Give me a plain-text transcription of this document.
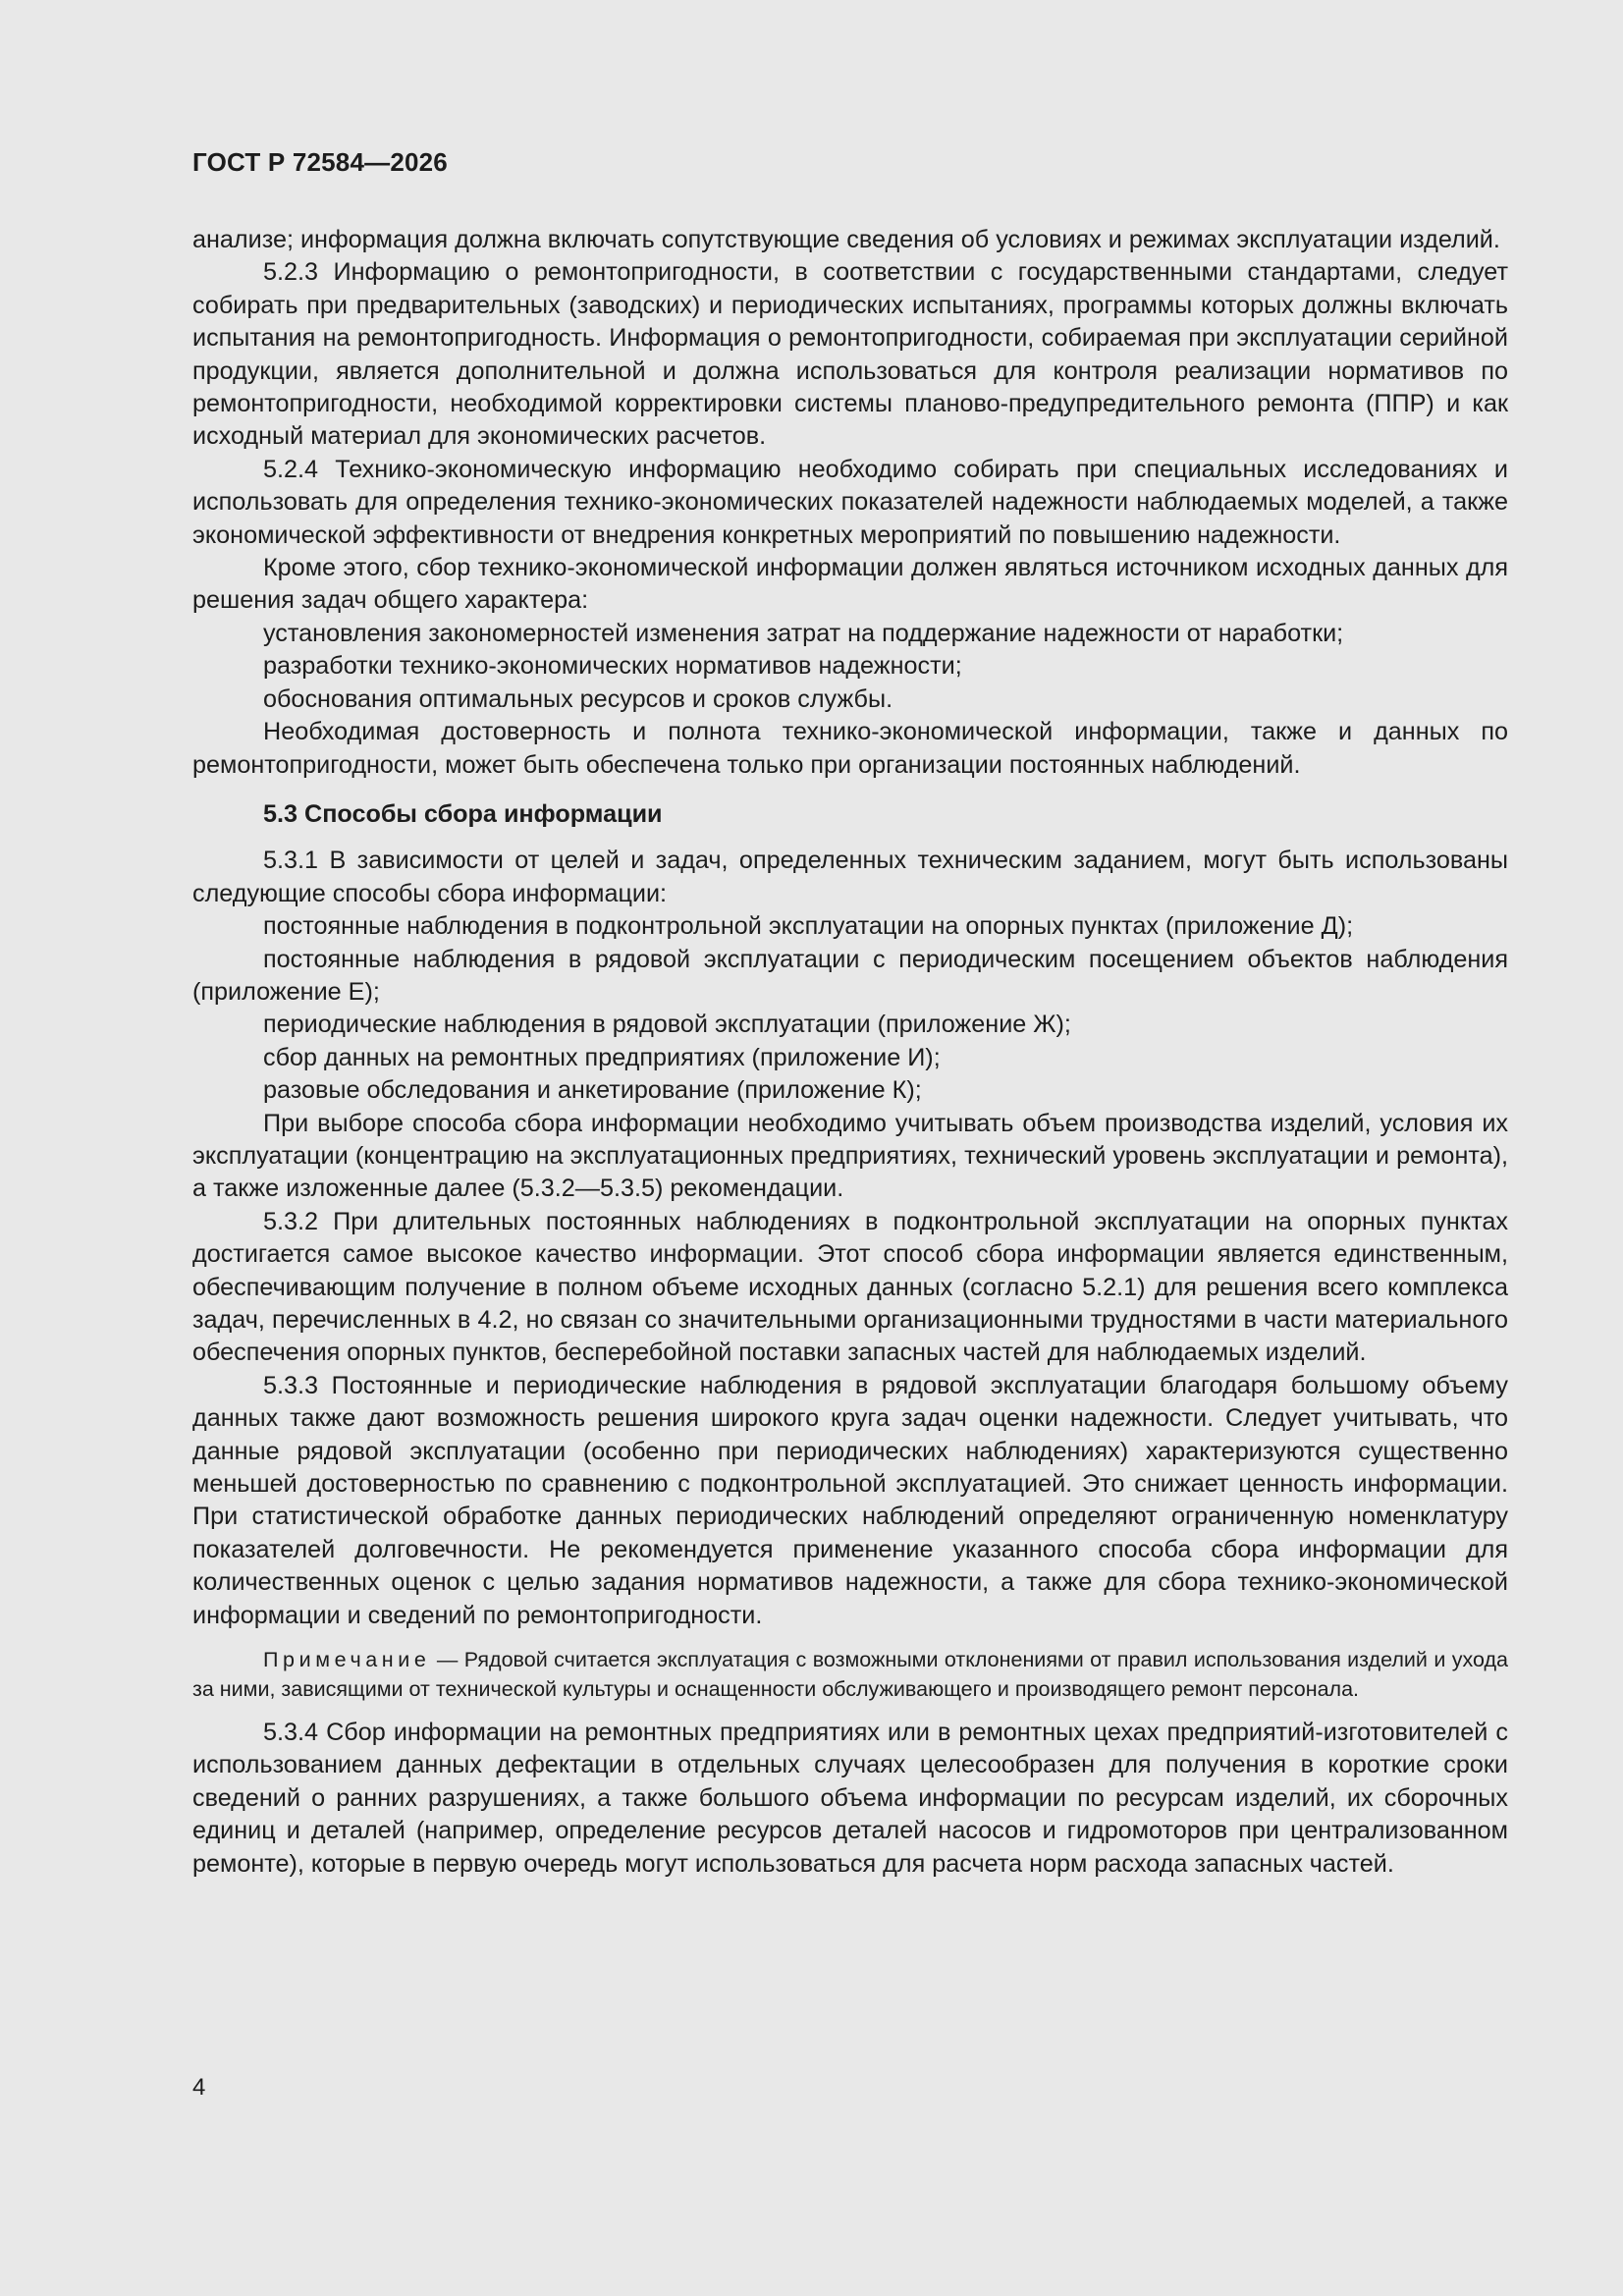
ГОСТ Р 72584—2026

анализе; информация должна включать сопутствующие сведения об условиях и режимах эксплуатации изделий.

5.2.3 Информацию о ремонтопригодности, в соответствии с государственными стандартами, следует собирать при предварительных (заводских) и периодических испытаниях, программы которых должны включать испытания на ремонтопригодность. Информация о ремонтопригодности, собираемая при эксплуатации серийной продукции, является дополнительной и должна использоваться для контроля реализации нормативов по ремонтопригодности, необходимой корректировки системы планово-предупредительного ремонта (ППР) и как исходный материал для экономических расчетов.

5.2.4 Технико-экономическую информацию необходимо собирать при специальных исследованиях и использовать для определения технико-экономических показателей надежности наблюдаемых моделей, а также экономической эффективности от внедрения конкретных мероприятий по повышению надежности.

Кроме этого, сбор технико-экономической информации должен являться источником исходных данных для решения задач общего характера:

установления закономерностей изменения затрат на поддержание надежности от наработки;

разработки технико-экономических нормативов надежности;

обоснования оптимальных ресурсов и сроков службы.

Необходимая достоверность и полнота технико-экономической информации, также и данных по ремонтопригодности, может быть обеспечена только при организации постоянных наблюдений.

5.3 Способы сбора информации

5.3.1 В зависимости от целей и задач, определенных техническим заданием, могут быть использованы следующие способы сбора информации:

постоянные наблюдения в подконтрольной эксплуатации на опорных пунктах (приложение Д);

постоянные наблюдения в рядовой эксплуатации с периодическим посещением объектов наблюдения (приложение Е);

периодические наблюдения в рядовой эксплуатации (приложение Ж);

сбор данных на ремонтных предприятиях (приложение И);

разовые обследования и анкетирование (приложение К);

При выборе способа сбора информации необходимо учитывать объем производства изделий, условия их эксплуатации (концентрацию на эксплуатационных предприятиях, технический уровень эксплуатации и ремонта), а также изложенные далее (5.3.2—5.3.5) рекомендации.

5.3.2 При длительных постоянных наблюдениях в подконтрольной эксплуатации на опорных пунктах достигается самое высокое качество информации. Этот способ сбора информации является единственным, обеспечивающим получение в полном объеме исходных данных (согласно 5.2.1) для решения всего комплекса задач, перечисленных в 4.2, но связан со значительными организационными трудностями в части материального обеспечения опорных пунктов, бесперебойной поставки запасных частей для наблюдаемых изделий.

5.3.3 Постоянные и периодические наблюдения в рядовой эксплуатации благодаря большому объему данных также дают возможность решения широкого круга задач оценки надежности. Следует учитывать, что данные рядовой эксплуатации (особенно при периодических наблюдениях) характеризуются существенно меньшей достоверностью по сравнению с подконтрольной эксплуатацией. Это снижает ценность информации. При статистической обработке данных периодических наблюдений определяют ограниченную номенклатуру показателей долговечности. Не рекомендуется применение указанного способа сбора информации для количественных оценок с целью задания нормативов надежности, а также для сбора технико-экономической информации и сведений по ремонтопригодности.

Примечание — Рядовой считается эксплуатация с возможными отклонениями от правил использования изделий и ухода за ними, зависящими от технической культуры и оснащенности обслуживающего и производящего ремонт персонала.

5.3.4 Сбор информации на ремонтных предприятиях или в ремонтных цехах предприятий-изготовителей с использованием данных дефектации в отдельных случаях целесообразен для получения в короткие сроки сведений о ранних разрушениях, а также большого объема информации по ресурсам изделий, их сборочных единиц и деталей (например, определение ресурсов деталей насосов и гидромоторов при централизованном ремонте), которые в первую очередь могут использоваться для расчета норм расхода запасных частей.

4
